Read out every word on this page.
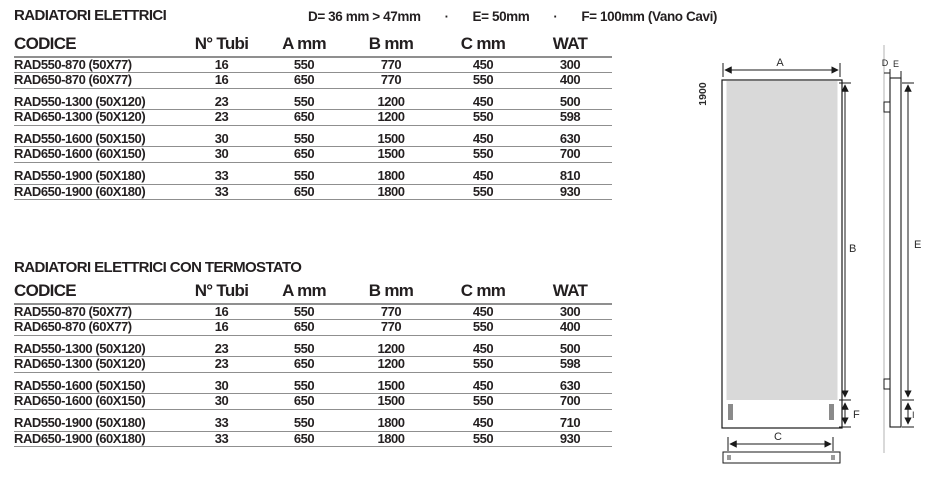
RADIATORI ELETTRICI	D= 36 mm > 47mm · E= 50mm · F= 100mm (Vano Cavi)
CODICE	N° Tubi	A mm	B mm	C mm	WAT
RAD550-870 (50X77)	16	550	770	450	300
RAD650-870 (60X77)	16	650	770	550	400
RAD550-1300 (50X120)	23	550	1200	450	500
RAD650-1300 (50X120)	23	650	1200	550	598
RAD550-1600 (50X150)	30	550	1500	450	630
RAD650-1600 (60X150)	30	650	1500	550	700
RAD550-1900 (50X180)	33	550	1800	450	810
RAD650-1900 (60X180)	33	650	1800	550	930
RADIATORI ELETTRICI CON TERMOSTATO
CODICE	N° Tubi	A mm	B mm	C mm	WAT
RAD550-870 (50X77)	16	550	770	450	300
RAD650-870 (60X77)	16	650	770	550	400
RAD550-1300 (50X120)	23	550	1200	450	500
RAD650-1300 (50X120)	23	650	1200	550	598
RAD550-1600 (50X150)	30	550	1500	450	630
RAD650-1600 (60X150)	30	650	1500	550	700
RAD550-1900 (50X180)	33	550	1800	450	710
RAD650-1900 (60X180)	33	650	1800	550	930
A
B
F
C
D E
E
I
1900
